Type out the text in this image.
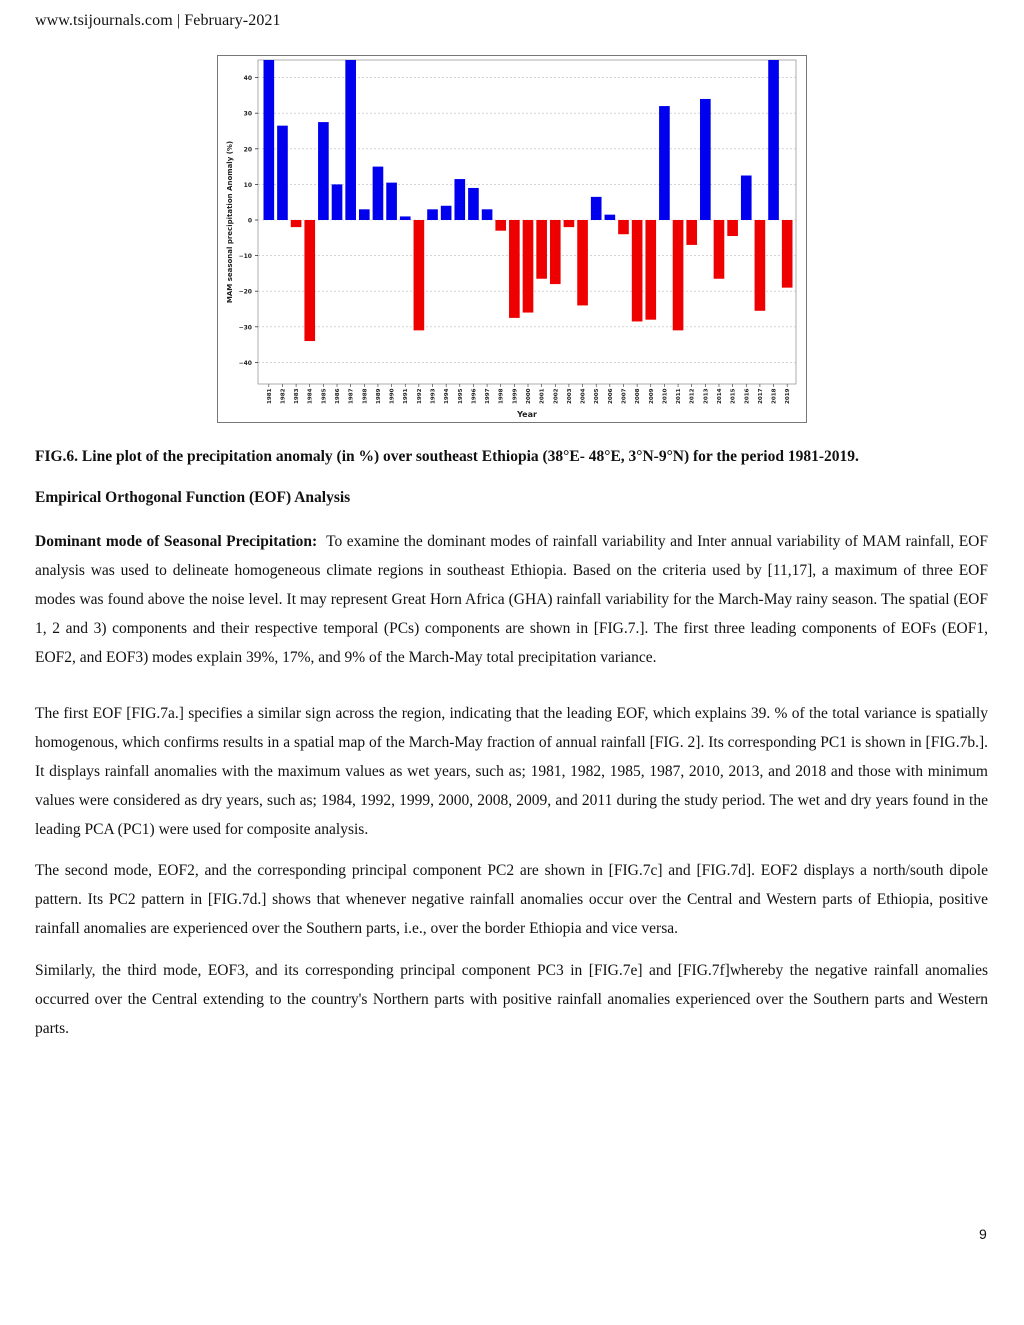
www.tsijournals.com | February-2021
40
30
20
10
0
−10
−20
−30
−40
1981 1982 1983 1984 1985 1986 1987 1988 1989 1990 1991 1992 1993 1994 1995 1996 1997 1998 1999 2000 2001 2002 2003 2004 2005 2006 2007 2008 2009 2010 2011 2012 2013 2014 2015 2016 2017 2018 2019
Year
MAM seasonal precipitation Anomaly (%)
FIG.6. Line plot of the precipitation anomaly (in %) over southeast Ethiopia (38°E- 48°E, 3°N-9°N) for the period 1981-2019.
Empirical Orthogonal Function (EOF) Analysis

Dominant mode of Seasonal Precipitation: To examine the dominant modes of rainfall variability and Inter annual variability of MAM rainfall, EOF analysis was used to delineate homogeneous climate regions in southeast Ethiopia. Based on the criteria used by [11,17], a maximum of three EOF modes was found above the noise level. It may represent Great Horn Africa (GHA) rainfall variability for the March-May rainy season. The spatial (EOF 1, 2 and 3) components and their respective temporal (PCs) components are shown in [FIG.7.]. The first three leading components of EOFs (EOF1, EOF2, and EOF3) modes explain 39%, 17%, and 9% of the March-May total precipitation variance.

The first EOF [FIG.7a.] specifies a similar sign across the region, indicating that the leading EOF, which explains 39. % of the total variance is spatially homogenous, which confirms results in a spatial map of the March-May fraction of annual rainfall [FIG. 2]. Its corresponding PC1 is shown in [FIG.7b.]. It displays rainfall anomalies with the maximum values as wet years, such as; 1981, 1982, 1985, 1987, 2010, 2013, and 2018 and those with minimum values were considered as dry years, such as; 1984, 1992, 1999, 2000, 2008, 2009, and 2011 during the study period. The wet and dry years found in the leading PCA (PC1) were used for composite analysis.

The second mode, EOF2, and the corresponding principal component PC2 are shown in [FIG.7c] and [FIG.7d]. EOF2 displays a north/south dipole pattern. Its PC2 pattern in [FIG.7d.] shows that whenever negative rainfall anomalies occur over the Central and Western parts of Ethiopia, positive rainfall anomalies are experienced over the Southern parts, i.e., over the border Ethiopia and vice versa.

Similarly, the third mode, EOF3, and its corresponding principal component PC3 in [FIG.7e] and [FIG.7f]whereby the negative rainfall anomalies occurred over the Central extending to the country's Northern parts with positive rainfall anomalies experienced over the Southern parts and Western parts.

9
